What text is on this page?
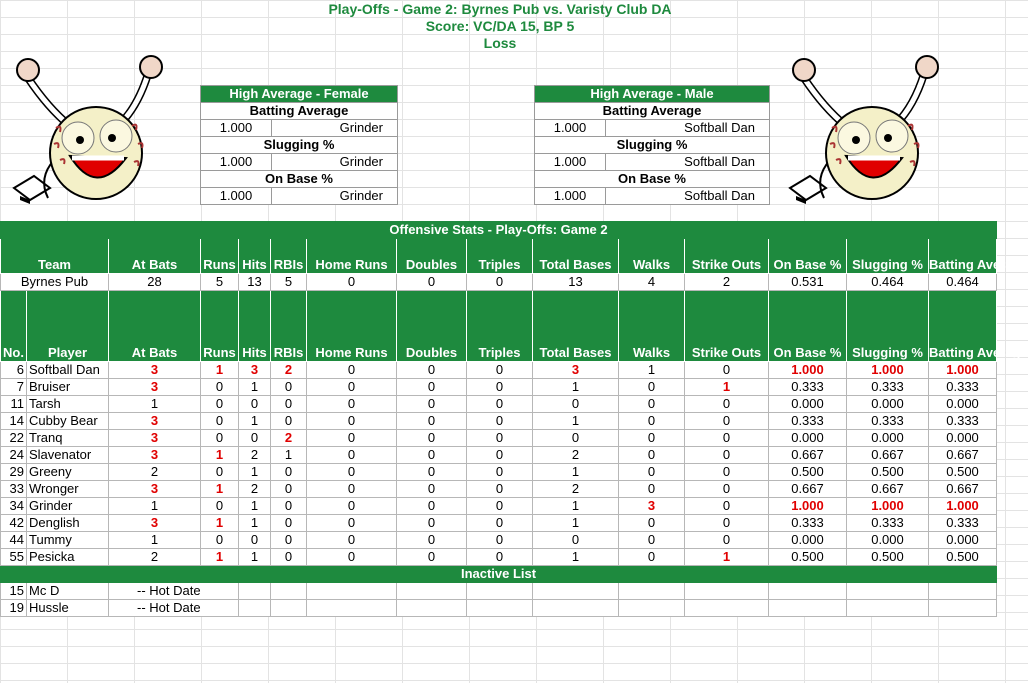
Play-Offs - Game 2: Byrnes Pub vs. Varisty Club DA
Score: VC/DA 15, BP 5
Loss
High Average - Female	
Batting Average	
1.000	Grinder
Slugging %	
1.000	Grinder
On Base %	
1.000	Grinder
High Average - Male	
Batting Average	
1.000	Softball Dan
Slugging %	
1.000	Softball Dan
On Base %	
1.000	Softball Dan
Offensive Stats - Play-Offs: Game 2														
Team		At Bats	Runs	Hits	RBIs	Home Runs	Doubles	Triples	Total Bases	Walks	Strike Outs	On Base %	Slugging %	Batting Average
Byrnes Pub		28	5	13	5	0	0	0	13	4	2	0.531	0.464	0.464
No.	Player	At Bats	Runs	Hits	RBIs	Home Runs	Doubles	Triples	Total Bases	Walks	Strike Outs	On Base %	Slugging %	Batting Average
6	Softball Dan	3	1	3	2	0	0	0	3	1	0	1.000	1.000	1.000
7	Bruiser	3	0	1	0	0	0	0	1	0	1	0.333	0.333	0.333
11	Tarsh	1	0	0	0	0	0	0	0	0	0	0.000	0.000	0.000
14	Cubby Bear	3	0	1	0	0	0	0	1	0	0	0.333	0.333	0.333
22	Tranq	3	0	0	2	0	0	0	0	0	0	0.000	0.000	0.000
24	Slavenator	3	1	2	1	0	0	0	2	0	0	0.667	0.667	0.667
29	Greeny	2	0	1	0	0	0	0	1	0	0	0.500	0.500	0.500
33	Wronger	3	1	2	0	0	0	0	2	0	0	0.667	0.667	0.667
34	Grinder	1	0	1	0	0	0	0	1	3	0	1.000	1.000	1.000
42	Denglish	3	1	1	0	0	0	0	1	0	0	0.333	0.333	0.333
44	Tummy	1	0	0	0	0	0	0	0	0	0	0.000	0.000	0.000
55	Pesicka	2	1	1	0	0	0	0	1	0	1	0.500	0.500	0.500
Inactive List														
15	Mc D	-- Hot Date												
19	Hussle	-- Hot Date												
